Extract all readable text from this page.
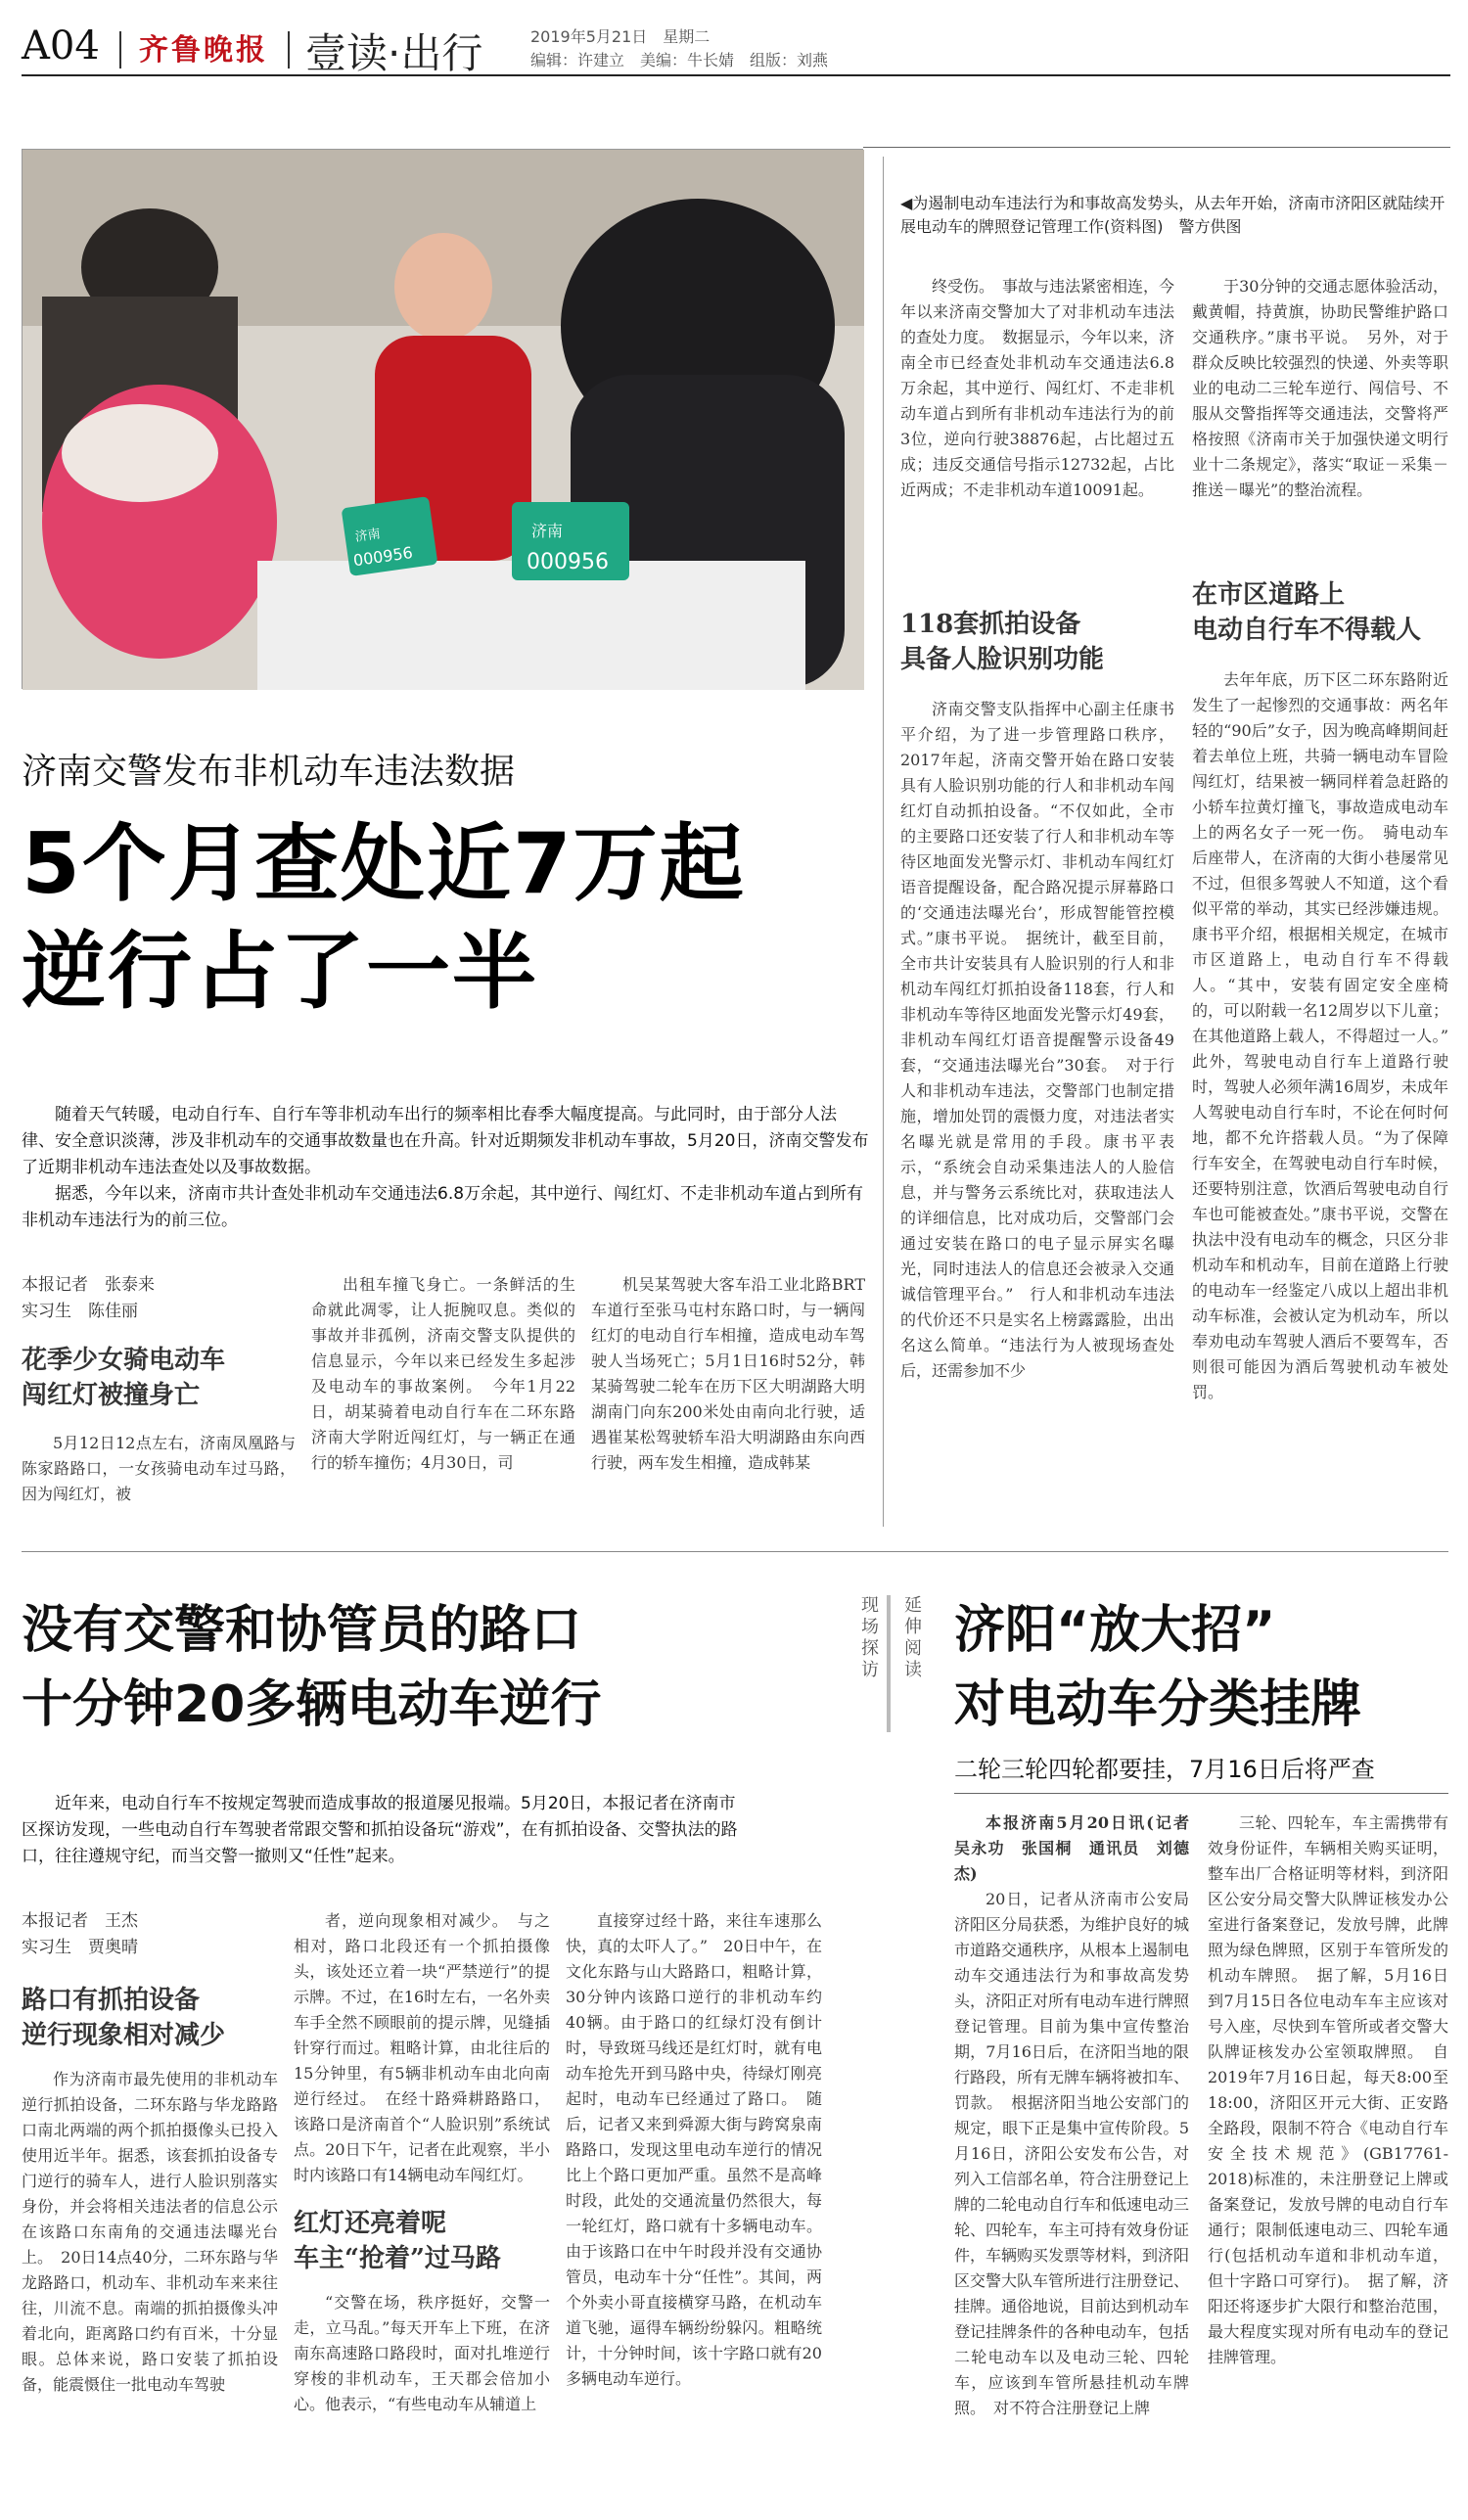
A04 齐鲁晚报 壹读·出行	2019年5月21日　星期二
编辑：许建立　美编：牛长婧　组版：刘燕
济南
000956
济南
000956
◀为遏制电动车违法行为和事故高发势头，从去年开始，济南市济阳区就陆续开展电动车的牌照登记管理工作(资料图)　警方供图
济南交警发布非机动车违法数据
5个月查处近7万起
逆行占了一半

随着天气转暖，电动自行车、自行车等非机动车出行的频率相比春季大幅度提高。与此同时，由于部分人法律、安全意识淡薄，涉及非机动车的交通事故数量也在升高。针对近期频发非机动车事故，5月20日，济南交警发布了近期非机动车违法查处以及事故数据。

据悉，今年以来，济南市共计查处非机动车交通违法6.8万余起，其中逆行、闯红灯、不走非机动车道占到所有非机动车违法行为的前三位。

本报记者　张泰来
实习生　陈佳丽
花季少女骑电动车
闯红灯被撞身亡

5月12日12点左右，济南凤凰路与陈家路路口，一女孩骑电动车过马路，因为闯红灯，被

出租车撞飞身亡。一条鲜活的生命就此凋零，让人扼腕叹息。类似的事故并非孤例，济南交警支队提供的信息显示，今年以来已经发生多起涉及电动车的事故案例。　今年1月22日，胡某骑着电动自行车在二环东路济南大学附近闯红灯，与一辆正在通行的轿车撞伤；4月30日，司

机吴某驾驶大客车沿工业北路BRT车道行至张马屯村东路口时，与一辆闯红灯的电动自行车相撞，造成电动车驾驶人当场死亡；5月1日16时52分，韩某骑驾驶二轮车在历下区大明湖路大明湖南门向东200米处由南向北行驶，适遇崔某松驾驶轿车沿大明湖路由东向西行驶，两车发生相撞，造成韩某

终受伤。　事故与违法紧密相连，今年以来济南交警加大了对非机动车违法的查处力度。　数据显示，今年以来，济南全市已经查处非机动车交通违法6.8万余起，其中逆行、闯红灯、不走非机动车道占到所有非机动车违法行为的前3位，逆向行驶38876起，占比超过五成；违反交通信号指示12732起，占比近两成；不走非机动车道10091起。

118套抓拍设备
具备人脸识别功能

济南交警支队指挥中心副主任康书平介绍，为了进一步管理路口秩序，2017年起，济南交警开始在路口安装具有人脸识别功能的行人和非机动车闯红灯自动抓拍设备。“不仅如此，全市的主要路口还安装了行人和非机动车等待区地面发光警示灯、非机动车闯红灯语音提醒设备，配合路况提示屏幕路口的‘交通违法曝光台’，形成智能管控模式。”康书平说。　据统计，截至目前，全市共计安装具有人脸识别的行人和非机动车闯红灯抓拍设备118套，行人和非机动车等待区地面发光警示灯49套，非机动车闯红灯语音提醒警示设备49套，“交通违法曝光台”30套。　对于行人和非机动车违法，交警部门也制定措施，增加处罚的震慑力度，对违法者实名曝光就是常用的手段。康书平表示，“系统会自动采集违法人的人脸信息，并与警务云系统比对，获取违法人的详细信息，比对成功后，交警部门会通过安装在路口的电子显示屏实名曝光，同时违法人的信息还会被录入交通诚信管理平台。”　行人和非机动车违法的代价还不只是实名上榜露露脸，出出名这么简单。“违法行为人被现场查处后，还需参加不少

于30分钟的交通志愿体验活动，戴黄帽，持黄旗，协助民警维护路口交通秩序。”康书平说。　另外，对于群众反映比较强烈的快递、外卖等职业的电动二三轮车逆行、闯信号、不服从交警指挥等交通违法，交警将严格按照《济南市关于加强快递文明行业十二条规定》，落实“取证－采集－推送－曝光”的整治流程。

在市区道路上
电动自行车不得载人

去年年底，历下区二环东路附近发生了一起惨烈的交通事故：两名年轻的“90后”女子，因为晚高峰期间赶着去单位上班，共骑一辆电动车冒险闯红灯，结果被一辆同样着急赶路的小轿车拉黄灯撞飞，事故造成电动车上的两名女子一死一伤。　骑电动车后座带人，在济南的大街小巷屡常见不过，但很多驾驶人不知道，这个看似平常的举动，其实已经涉嫌违规。康书平介绍，根据相关规定，在城市市区道路上，电动自行车不得载人。“其中，安装有固定安全座椅的，可以附载一名12周岁以下儿童；在其他道路上载人，不得超过一人。”　此外，驾驶电动自行车上道路行驶时，驾驶人必须年满16周岁，未成年人驾驶电动自行车时，不论在何时何地，都不允许搭载人员。“为了保障行车安全，在驾驶电动自行车时候，还要特别注意，饮酒后驾驶电动自行车也可能被查处。”康书平说，交警在执法中没有电动车的概念，只区分非机动车和机动车，目前在道路上行驶的电动车一经鉴定八成以上超出非机动车标准，会被认定为机动车，所以奉劝电动车驾驶人酒后不要驾车，否则很可能因为酒后驾驶机动车被处罚。

没有交警和协管员的路口
十分钟20多辆电动车逆行
现场探访 延伸阅读

近年来，电动自行车不按规定驾驶而造成事故的报道屡见报端。5月20日，本报记者在济南市区探访发现，一些电动自行车驾驶者常跟交警和抓拍设备玩“游戏”，在有抓拍设备、交警执法的路口，往往遵规守纪，而当交警一撤则又“任性”起来。

本报记者　王杰
实习生　贾奥晴
路口有抓拍设备
逆行现象相对减少

作为济南市最先使用的非机动车逆行抓拍设备，二环东路与华龙路路口南北两端的两个抓拍摄像头已投入使用近半年。据悉，该套抓拍设备专门逆行的骑车人，进行人脸识别落实身份，并会将相关违法者的信息公示在该路口东南角的交通违法曝光台上。　20日14点40分，二环东路与华龙路路口，机动车、非机动车来来往往，川流不息。南端的抓拍摄像头冲着北向，距离路口约有百米，十分显眼。总体来说，路口安装了抓拍设备，能震慑住一批电动车驾驶

者，逆向现象相对减少。　与之相对，路口北段还有一个抓拍摄像头，该处还立着一块“严禁逆行”的提示牌。不过，在16时左右，一名外卖车手全然不顾眼前的提示牌，见缝插针穿行而过。粗略计算，由北往后的15分钟里，有5辆非机动车由北向南逆行经过。　在经十路舜耕路路口，该路口是济南首个“人脸识别”系统试点。20日下午，记者在此观察，半小时内该路口有14辆电动车闯红灯。

红灯还亮着呢
车主“抢着”过马路

“交警在场，秩序挺好，交警一走，立马乱。”每天开车上下班，在济南东高速路口路段时，面对扎堆逆行穿梭的非机动车，王天郡会倍加小心。他表示，“有些电动车从辅道上

直接穿过经十路，来往车速那么快，真的太吓人了。”　20日中午，在文化东路与山大路路口，粗略计算，30分钟内该路口逆行的非机动车约40辆。由于路口的红绿灯没有倒计时，导致斑马线还是红灯时，就有电动车抢先开到马路中央，待绿灯刚亮起时，电动车已经通过了路口。　随后，记者又来到舜源大街与跨窝泉南路路口，发现这里电动车逆行的情况比上个路口更加严重。虽然不是高峰时段，此处的交通流量仍然很大，每一轮红灯，路口就有十多辆电动车。由于该路口在中午时段并没有交通协管员，电动车十分“任性”。其间，两个外卖小哥直接横穿马路，在机动车道飞驰，逼得车辆纷纷躲闪。粗略统计，十分钟时间，该十字路口就有20多辆电动车逆行。

济阳“放大招”
对电动车分类挂牌
二轮三轮四轮都要挂，7月16日后将严查
本报济南5月20日讯(记者　吴永功　张国桐　通讯员　刘德杰)

20日，记者从济南市公安局济阳区分局获悉，为维护良好的城市道路交通秩序，从根本上遏制电动车交通违法行为和事故高发势头，济阳正对所有电动车进行牌照登记管理。目前为集中宣传整治期，7月16日后，在济阳当地的限行路段，所有无牌车辆将被扣车、罚款。　根据济阳当地公安部门的规定，眼下正是集中宣传阶段。5月16日，济阳公安发布公告，对列入工信部名单，符合注册登记上牌的二轮电动自行车和低速电动三轮、四轮车，车主可持有效身份证件，车辆购买发票等材料，到济阳区交警大队车管所进行注册登记、挂牌。通俗地说，目前达到机动车登记挂牌条件的各种电动车，包括二轮电动车以及电动三轮、四轮车，应该到车管所悬挂机动车牌照。　对不符合注册登记上牌

三轮、四轮车，车主需携带有效身份证件，车辆相关购买证明，整车出厂合格证明等材料，到济阳区公安分局交警大队牌证核发办公室进行备案登记，发放号牌，此牌照为绿色牌照，区别于车管所发的机动车牌照。　据了解，5月16日到7月15日各位电动车车主应该对号入座，尽快到车管所或者交警大队牌证核发办公室领取牌照。　自2019年7月16日起，每天8:00至18:00，济阳区开元大街、正安路全路段，限制不符合《电动自行车安全技术规范》(GB17761-2018)标准的，未注册登记上牌或备案登记，发放号牌的电动自行车通行；限制低速电动三、四轮车通行(包括机动车道和非机动车道，但十字路口可穿行)。　据了解，济阳还将逐步扩大限行和整治范围，最大程度实现对所有电动车的登记挂牌管理。
